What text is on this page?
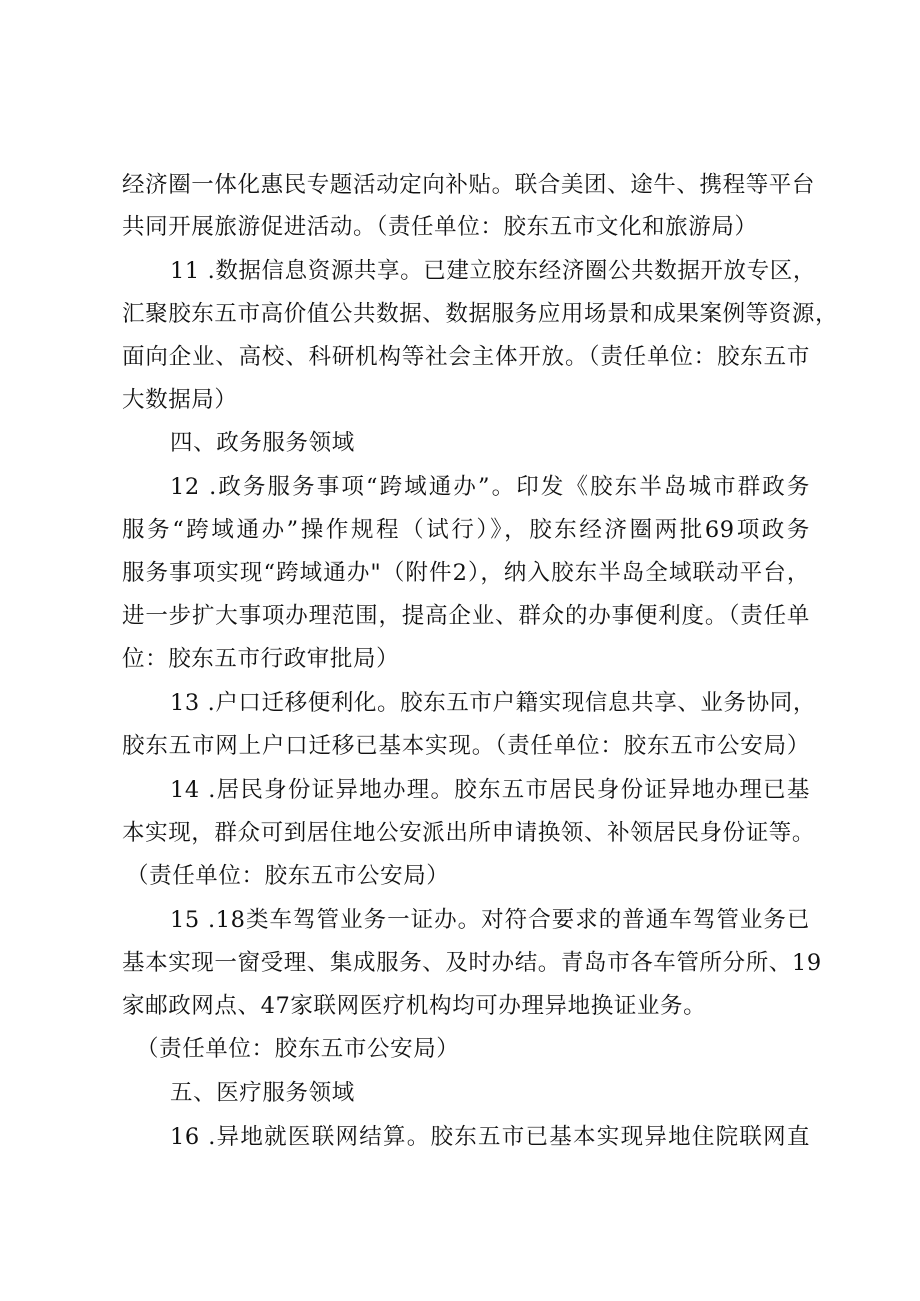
经济圈一体化惠民专题活动定向补贴。联合美团、途牛、携程等平台
共同开展旅游促进活动。（责任单位：胶东五市文化和旅游局）
11 .数据信息资源共享。已建立胶东经济圈公共数据开放专区，
汇聚胶东五市高价值公共数据、数据服务应用场景和成果案例等资源，
面向企业、高校、科研机构等社会主体开放。（责任单位：胶东五市
大数据局）
四、政务服务领域
12 .政务服务事项“跨域通办”。印发《胶东半岛城市群政务
服务“跨域通办”操作规程（试行）》，胶东经济圈两批69项政务
服务事项实现“跨域通办"（附件2），纳入胶东半岛全域联动平台，
进一步扩大事项办理范围，提高企业、群众的办事便利度。（责任单
位：胶东五市行政审批局）
13 .户口迁移便利化。胶东五市户籍实现信息共享、业务协同，
胶东五市网上户口迁移已基本实现。（责任单位：胶东五市公安局）
14 .居民身份证异地办理。胶东五市居民身份证异地办理已基
本实现，群众可到居住地公安派出所申请换领、补领居民身份证等。
（责任单位：胶东五市公安局）
15 .18类车驾管业务一证办。对符合要求的普通车驾管业务已
基本实现一窗受理、集成服务、及时办结。青岛市各车管所分所、19
家邮政网点、47家联网医疗机构均可办理异地换证业务。
（责任单位：胶东五市公安局）
五、医疗服务领域
16 .异地就医联网结算。胶东五市已基本实现异地住院联网直
